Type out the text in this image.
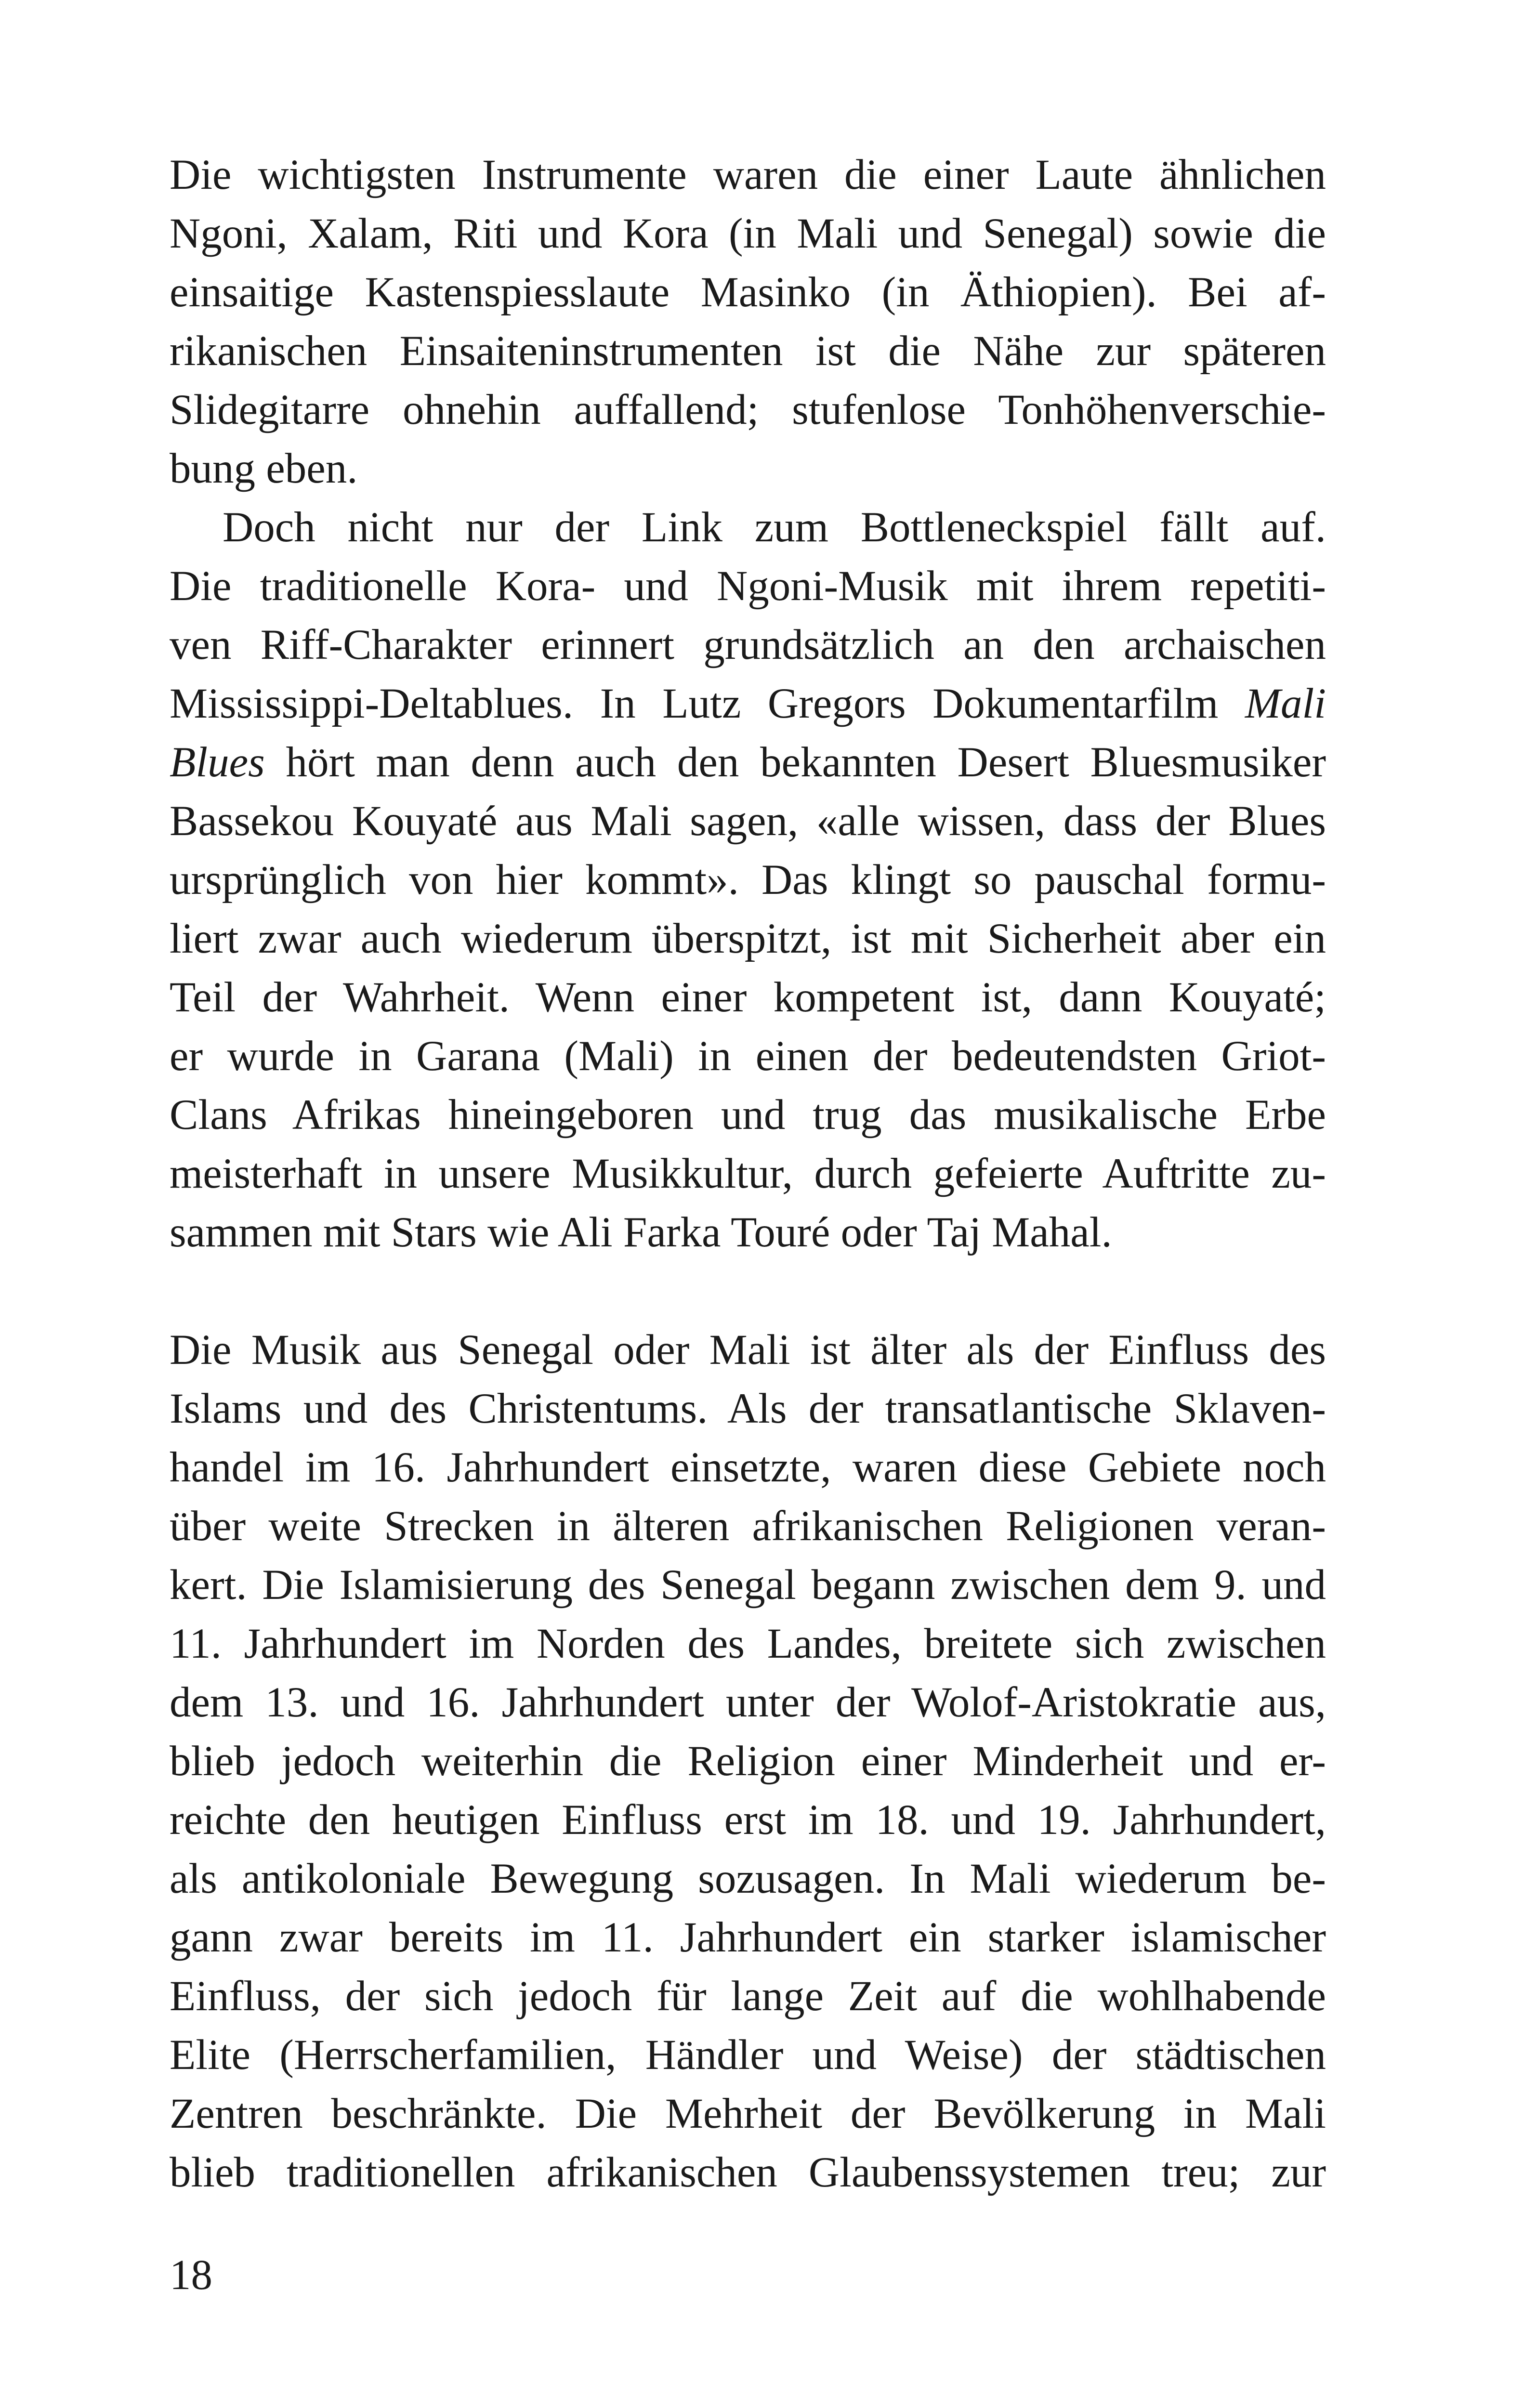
Die wichtigsten Instrumente waren die einer Laute ähnlichen
Ngoni, Xalam, Riti und Kora (in Mali und Senegal) sowie die
einsaitige Kastenspiesslaute Masinko (in Äthiopien). Bei af-
rikanischen Einsaiteninstrumenten ist die Nähe zur späteren
Slidegitarre ohnehin auffallend; stufenlose Tonhöhenverschie-
bung eben.
Doch nicht nur der Link zum Bottleneckspiel fällt auf.
Die traditionelle Kora- und Ngoni-Musik mit ihrem repetiti-
ven Riff-Charakter erinnert grundsätzlich an den archaischen
Mississippi-Deltablues. In Lutz Gregors Dokumentarfilm Mali
Blues hört man denn auch den bekannten Desert Bluesmusiker
Bassekou Kouyaté aus Mali sagen, «alle wissen, dass der Blues
ursprünglich von hier kommt». Das klingt so pauschal formu-
liert zwar auch wiederum überspitzt, ist mit Sicherheit aber ein
Teil der Wahrheit. Wenn einer kompetent ist, dann Kouyaté;
er wurde in Garana (Mali) in einen der bedeutendsten Griot-
Clans Afrikas hineingeboren und trug das musikalische Erbe
meisterhaft in unsere Musikkultur, durch gefeierte Auftritte zu-
sammen mit Stars wie Ali Farka Touré oder Taj Mahal.
Die Musik aus Senegal oder Mali ist älter als der Einfluss des
Islams und des Christentums. Als der transatlantische Sklaven-
handel im 16. Jahrhundert einsetzte, waren diese Gebiete noch
über weite Strecken in älteren afrikanischen Religionen veran-
kert. Die Islamisierung des Senegal begann zwischen dem 9. und
11. Jahrhundert im Norden des Landes, breitete sich zwischen
dem 13. und 16. Jahrhundert unter der Wolof-Aristokratie aus,
blieb jedoch weiterhin die Religion einer Minderheit und er-
reichte den heutigen Einfluss erst im 18. und 19. Jahrhundert,
als antikoloniale Bewegung sozusagen. In Mali wiederum be-
gann zwar bereits im 11. Jahrhundert ein starker islamischer
Einfluss, der sich jedoch für lange Zeit auf die wohlhabende
Elite (Herrscherfamilien, Händler und Weise) der städtischen
Zentren beschränkte. Die Mehrheit der Bevölkerung in Mali
blieb traditionellen afrikanischen Glaubenssystemen treu; zur
18
